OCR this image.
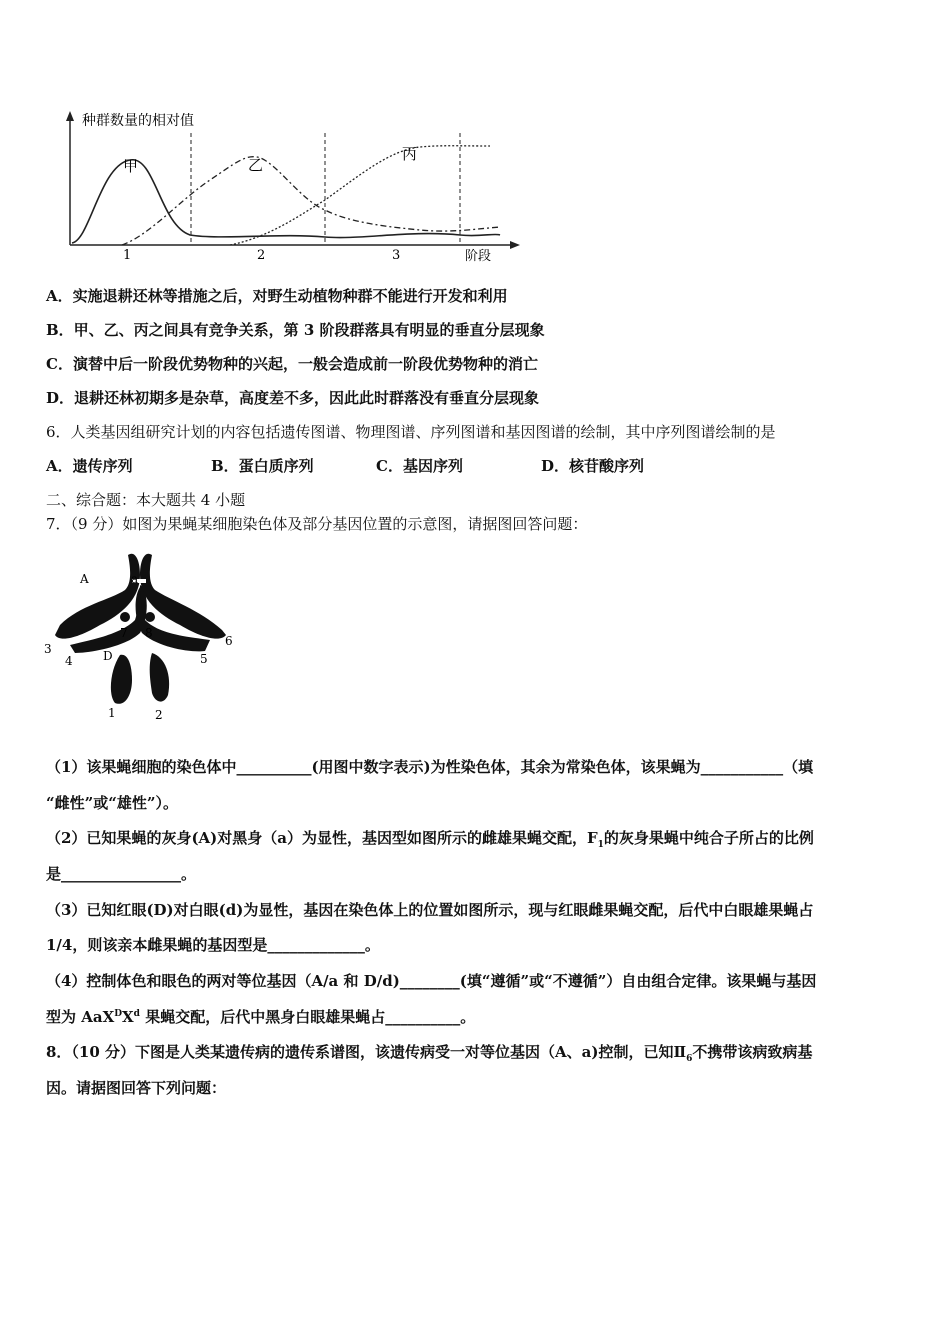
种群数量的相对值
阶段
1	2	3
甲	乙
丙
A．实施退耕还林等措施之后，对野生动植物种群不能进行开发和利用
B．甲、乙、丙之间具有竞争关系，第 3 阶段群落具有明显的垂直分层现象
C．演替中后一阶段优势物种的兴起，一般会造成前一阶段优势物种的消亡
D．退耕还林初期多是杂草，高度差不多，因此此时群落没有垂直分层现象
6．人类基因组研究计划的内容包括遗传图谱、物理图谱、序列图谱和基因图谱的绘制，其中序列图谱绘制的是
A．遗传序列	B．蛋白质序列	C．基因序列	D．核苷酸序列
二、综合题：本大题共 4 小题
7．（9 分）如图为果蝇某细胞染色体及部分基因位置的示意图，请据图回答问题：
A	a
7 8
3
4	D	5
6
1	2
（1）该果蝇细胞的染色体中__________(用图中数字表示)为性染色体，其余为常染色体，该果蝇为___________（填
“雌性”或“雄性”）。
（2）已知果蝇的灰身(A)对黑身（a）为显性，基因型如图所示的雌雄果蝇交配，$F_1$的灰身果蝇中纯合子所占的比例
是________________。
（3）已知红眼(D)对白眼(d)为显性，基因在染色体上的位置如图所示，现与红眼雌果蝇交配，后代中白眼雄果蝇占
1/4，则该亲本雌果蝇的基因型是_____________。
（4）控制体色和眼色的两对等位基因（A/a 和 D/d)________(填“遵循”或“不遵循”）自由组合定律。该果蝇与基因
型为 $AaX^DX^d$ 果蝇交配，后代中黑身白眼雄果蝇占__________。
8．（10 分）下图是人类某遗传病的遗传系谱图，该遗传病受一对等位基因（A、a)控制，已知$Ⅱ_6$不携带该病致病基
因。请据图回答下列问题：
